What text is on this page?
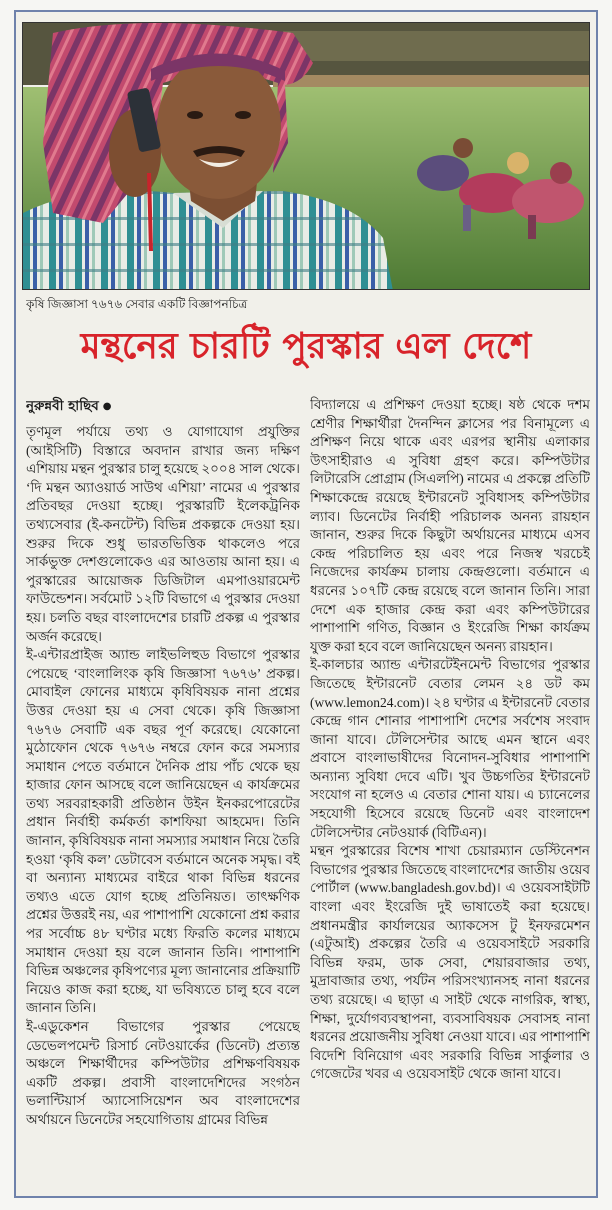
কৃষি জিজ্ঞাসা ৭৬৭৬ সেবার একটি বিজ্ঞাপনচিত্র
মন্থনের চারটি পুরস্কার এল দেশে
নুরুন্নবী হাছিব ●

তৃণমূল পর্যায়ে তথ্য ও যোগাযোগ প্রযুক্তির (আইসিটি) বিস্তারে অবদান রাখার জন্য দক্ষিণ এশিয়ায় মন্থন পুরস্কার চালু হয়েছে ২০০৪ সাল থেকে। ‘দি মন্থন অ্যাওয়ার্ড সাউথ এশিয়া’ নামের এ পুরস্কার প্রতিবছর দেওয়া হচ্ছে। পুরস্কারটি ইলেকট্রনিক তথ্যসেবার (ই-কনটেন্ট) বিভিন্ন প্রকল্পকে দেওয়া হয়। শুরুর দিকে শুধু ভারতভিত্তিক থাকলেও পরে সার্কভুক্ত দেশগুলোকেও এর আওতায় আনা হয়। এ পুরস্কারের আয়োজক ডিজিটাল এমপাওয়ারমেন্ট ফাউন্ডেশন। সর্বমোট ১২টি বিভাগে এ পুরস্কার দেওয়া হয়। চলতি বছর বাংলাদেশের চারটি প্রকল্প এ পুরস্কার অর্জন করেছে।

ই-এন্টারপ্রাইজ অ্যান্ড লাইভলিহুড বিভাগে পুরস্কার পেয়েছে ‘বাংলালিংক কৃষি জিজ্ঞাসা ৭৬৭৬’ প্রকল্প। মোবাইল ফোনের মাধ্যমে কৃষিবিষয়ক নানা প্রশ্নের উত্তর দেওয়া হয় এ সেবা থেকে। কৃষি জিজ্ঞাসা ৭৬৭৬ সেবাটি এক বছর পূর্ণ করেছে। যেকোনো মুঠোফোন থেকে ৭৬৭৬ নম্বরে ফোন করে সমস্যার সমাধান পেতে বর্তমানে দৈনিক প্রায় পাঁচ থেকে ছয় হাজার ফোন আসছে বলে জানিয়েছেন এ কার্যক্রমের তথ্য সরবরাহকারী প্রতিষ্ঠান উইন ইনকরপোরেটের প্রধান নির্বাহী কর্মকর্তা কাশফিয়া আহমেদ। তিনি জানান, কৃষিবিষয়ক নানা সমস্যার সমাধান নিয়ে তৈরি হওয়া ‘কৃষি কল’ ডেটাবেস বর্তমানে অনেক সমৃদ্ধ। বই বা অন্যান্য মাধ্যমের বাইরে থাকা বিভিন্ন ধরনের তথ্যও এতে যোগ হচ্ছে প্রতিনিয়ত। তাৎক্ষণিক প্রশ্নের উত্তরই নয়, এর পাশাপাশি যেকোনো প্রশ্ন করার পর সর্বোচ্চ ৪৮ ঘণ্টার মধ্যে ফিরতি কলের মাধ্যমে সমাধান দেওয়া হয় বলে জানান তিনি। পাশাপাশি বিভিন্ন অঞ্চলের কৃষিপণ্যের মূল্য জানানোর প্রক্রিয়াটি নিয়েও কাজ করা হচ্ছে, যা ভবিষ্যতে চালু হবে বলে জানান তিনি।

ই-এডুকেশন বিভাগের পুরস্কার পেয়েছে ডেভেলপমেন্ট রিসার্চ নেটওয়ার্কের (ডিনেট) প্রত্যন্ত অঞ্চলে শিক্ষার্থীদের কম্পিউটার প্রশিক্ষণবিষয়ক একটি প্রকল্প। প্রবাসী বাংলাদেশিদের সংগঠন ভলান্টিয়ার্স অ্যাসোসিয়েশন অব বাংলাদেশের অর্থায়নে ডিনেটের সহযোগিতায় গ্রামের বিভিন্ন

বিদ্যালয়ে এ প্রশিক্ষণ দেওয়া হচ্ছে। ষষ্ঠ থেকে দশম শ্রেণীর শিক্ষার্থীরা দৈনন্দিন ক্লাসের পর বিনামূল্যে এ প্রশিক্ষণ নিয়ে থাকে এবং এরপর স্থানীয় এলাকার উৎসাহীরাও এ সুবিধা গ্রহণ করে। কম্পিউটার লিটারেসি প্রোগ্রাম (সিএলপি) নামের এ প্রকল্পে প্রতিটি শিক্ষাকেন্দ্রে রয়েছে ইন্টারনেট সুবিধাসহ কম্পিউটার ল্যাব। ডিনেটের নির্বাহী পরিচালক অনন্য রায়হান জানান, শুরুর দিকে কিছুটা অর্থায়নের মাধ্যমে এসব কেন্দ্র পরিচালিত হয় এবং পরে নিজস্ব খরচেই নিজেদের কার্যক্রম চালায় কেন্দ্রগুলো। বর্তমানে এ ধরনের ১০৭টি কেন্দ্র রয়েছে বলে জানান তিনি। সারা দেশে এক হাজার কেন্দ্র করা এবং কম্পিউটারের পাশাপাশি গণিত, বিজ্ঞান ও ইংরেজি শিক্ষা কার্যক্রম যুক্ত করা হবে বলে জানিয়েছেন অনন্য রায়হান।

ই-কালচার অ্যান্ড এন্টারটেইনমেন্ট বিভাগের পুরস্কার জিতেছে ইন্টারনেট বেতার লেমন ২৪ ডট কম (www.lemon24.com)। ২৪ ঘণ্টার এ ইন্টারনেট বেতার কেন্দ্রে গান শোনার পাশাপাশি দেশের সর্বশেষ সংবাদ জানা যাবে। টেলিসেন্টার আছে এমন স্থানে এবং প্রবাসে বাংলাভাষীদের বিনোদন-সুবিধার পাশাপাশি অন্যান্য সুবিধা দেবে এটি। খুব উচ্চগতির ইন্টারনেট সংযোগ না হলেও এ বেতার শোনা যায়। এ চ্যানেলের সহযোগী হিসেবে রয়েছে ডিনেট এবং বাংলাদেশ টেলিসেন্টার নেটওয়ার্ক (বিটিএন)।

মন্থন পুরস্কারের বিশেষ শাখা চেয়ারম্যান ডেস্টিনেশন বিভাগের পুরস্কার জিতেছে বাংলাদেশের জাতীয় ওয়েব পোর্টাল (www.bangladesh.gov.bd)। এ ওয়েবসাইটটি বাংলা এবং ইংরেজি দুই ভাষাতেই করা হয়েছে। প্রধানমন্ত্রীর কার্যালয়ের অ্যাকসেস টু ইনফরমেশন (এটুআই) প্রকল্পের তৈরি এ ওয়েবসাইটে সরকারি বিভিন্ন ফরম, ডাক সেবা, শেয়ারবাজার তথ্য, মুদ্রাবাজার তথ্য, পর্যটন পরিসংখ্যানসহ নানা ধরনের তথ্য রয়েছে। এ ছাড়া এ সাইট থেকে নাগরিক, স্বাস্থ্য, শিক্ষা, দুর্যোগব্যবস্থাপনা, ব্যবসাবিষয়ক সেবাসহ নানা ধরনের প্রয়োজনীয় সুবিধা নেওয়া যাবে। এর পাশাপাশি বিদেশি বিনিয়োগ এবং সরকারি বিভিন্ন সার্কুলার ও গেজেটের খবর এ ওয়েবসাইট থেকে জানা যাবে।
